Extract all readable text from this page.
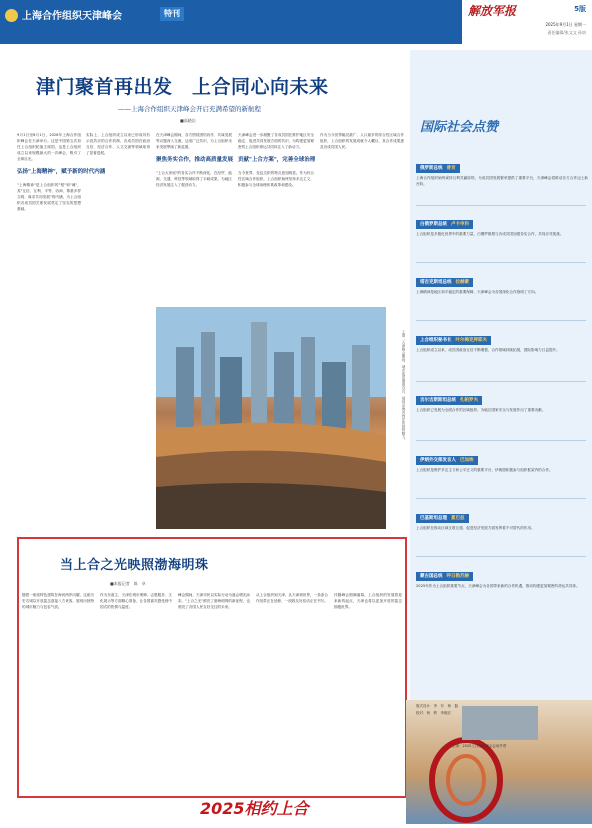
上海合作组织天津峰会	特刊	解放军报	5版
2025年9月1日 星期一
责任编辑/张文文 孙培
津门聚首再出发　上合同心向未来
——上海合作组织天津峰会开启充满希望的新航程
■高晓岩

9月1日至8月1日，2026年上海合作组织峰会在天津举行。这是中国第五次担任上合组织轮值主席国，也是上合组织成立以来规模最大的一次峰会，吸引了全球目光。

弘扬"上海精神"，赋予新的时代内涵

"上海精神"是上合组织的"根"和"魂"，其"互信、互利、平等、协商、尊重多样文明、谋求共同发展"的内涵，为上合组织各成员国关系发展奠定了坚实的思想基础。

实际上，上合组织成立以来已形成具有示范效应的合作机制，各成员国在政治互信、经济合作、人文交流等领域取得了显著进展。

在天津峰会期间，各方围绕团结协作、共谋发展等议题深入交流，达成广泛共识，为上合组织未来发展擘画了新蓝图。

聚焦务实合作，推动高质量发展

"上合大家庭"的务实合作不断深化，在经贸、能源、交通、科技等领域取得了丰硕成果，为地区经济发展注入了强劲动力。

天津峰会进一步凝聚了各成员国在维护地区安全稳定、促进共同发展方面的共识，为构建更加紧密的上合组织命运共同体注入了新动力。

贡献"上合方案"，完善全球治理

当今世界，变乱交织的特点愈加明显。作为综合性区域合作组织，上合组织始终坚持多边主义，积极参与全球治理体系改革和建设。

作为当今世界幅员最广、人口最多的综合性区域合作组织，上合组织的发展成就令人瞩目，其合作成果惠及各成员国人民。

上图：天津峰会期间，城市夜景璀璨夺目，展现出海河两岸的独特魅力。
当上合之光映照渤海明珠
■本报记者　陈　卓

随着一座座特色建筑在海河两岸闪耀，这座历史名城以开放姿态迎接八方来客，展现出独特的城市魅力与包容气质。

作为东道主，天津在城市保障、志愿服务、文化展示等方面精心准备，让各国嘉宾感受到中国式的热情与温度。

峰会期间，天津市民以实际行动为盛会增光添彩，"上合之光"照亮了渤海明珠的新征程，也照亮了各国人民友好交往的未来。

从上合组织到天津，从天津到世界，一条条合作纽带正在延伸，一段段友好佳话正在书写。

伴随峰会圆满落幕，上合组织的发展将迎来新的起点，天津也将以更加开放的姿态拥抱世界。

上图：2025上合组织峰会会场外景
2025相约上合
国际社会点赞
俄罗斯总统 普京
上海合作组织始终秉持互利共赢原则，为成员国发展繁荣提供了重要平台，天津峰会将推动各方合作迈上新台阶。
白俄罗斯总统 卢卡申科
上合组织是多极化世界中的重要力量，白俄罗斯愿与各成员国加强务实合作，共同应对挑战。
塔吉克斯坦总统 拉赫蒙
上海精神是地区和平稳定的重要保障，天津峰会为各国深化合作指明了方向。
上合组织秘书长 叶尔梅克拜耶夫
上合组织成立以来，成员国政治互信不断增强，合作领域持续拓展，国际影响力日益提升。
吉尔吉斯斯坦总统 扎帕罗夫
上合组织已发展为全面合作的区域组织，为地区国家安全与发展作出了重要贡献。
伊朗外交部发言人 巴加埃
上合组织是维护多边主义和公平正义的重要平台，伊朗愿积极参与组织框架内的合作。
巴基斯坦总理 夏巴兹
上合组织在推动区域互联互通、促进经济发展方面发挥着不可替代的作用。
蒙古国总统 呼日勒苏赫
2025年作为上合组织重要节点，天津峰会为各国带来新的合作机遇，推动构建更加紧密的命运共同体。
版式设计：李　东　杨　磊
校对：杨　利　李晓宏
